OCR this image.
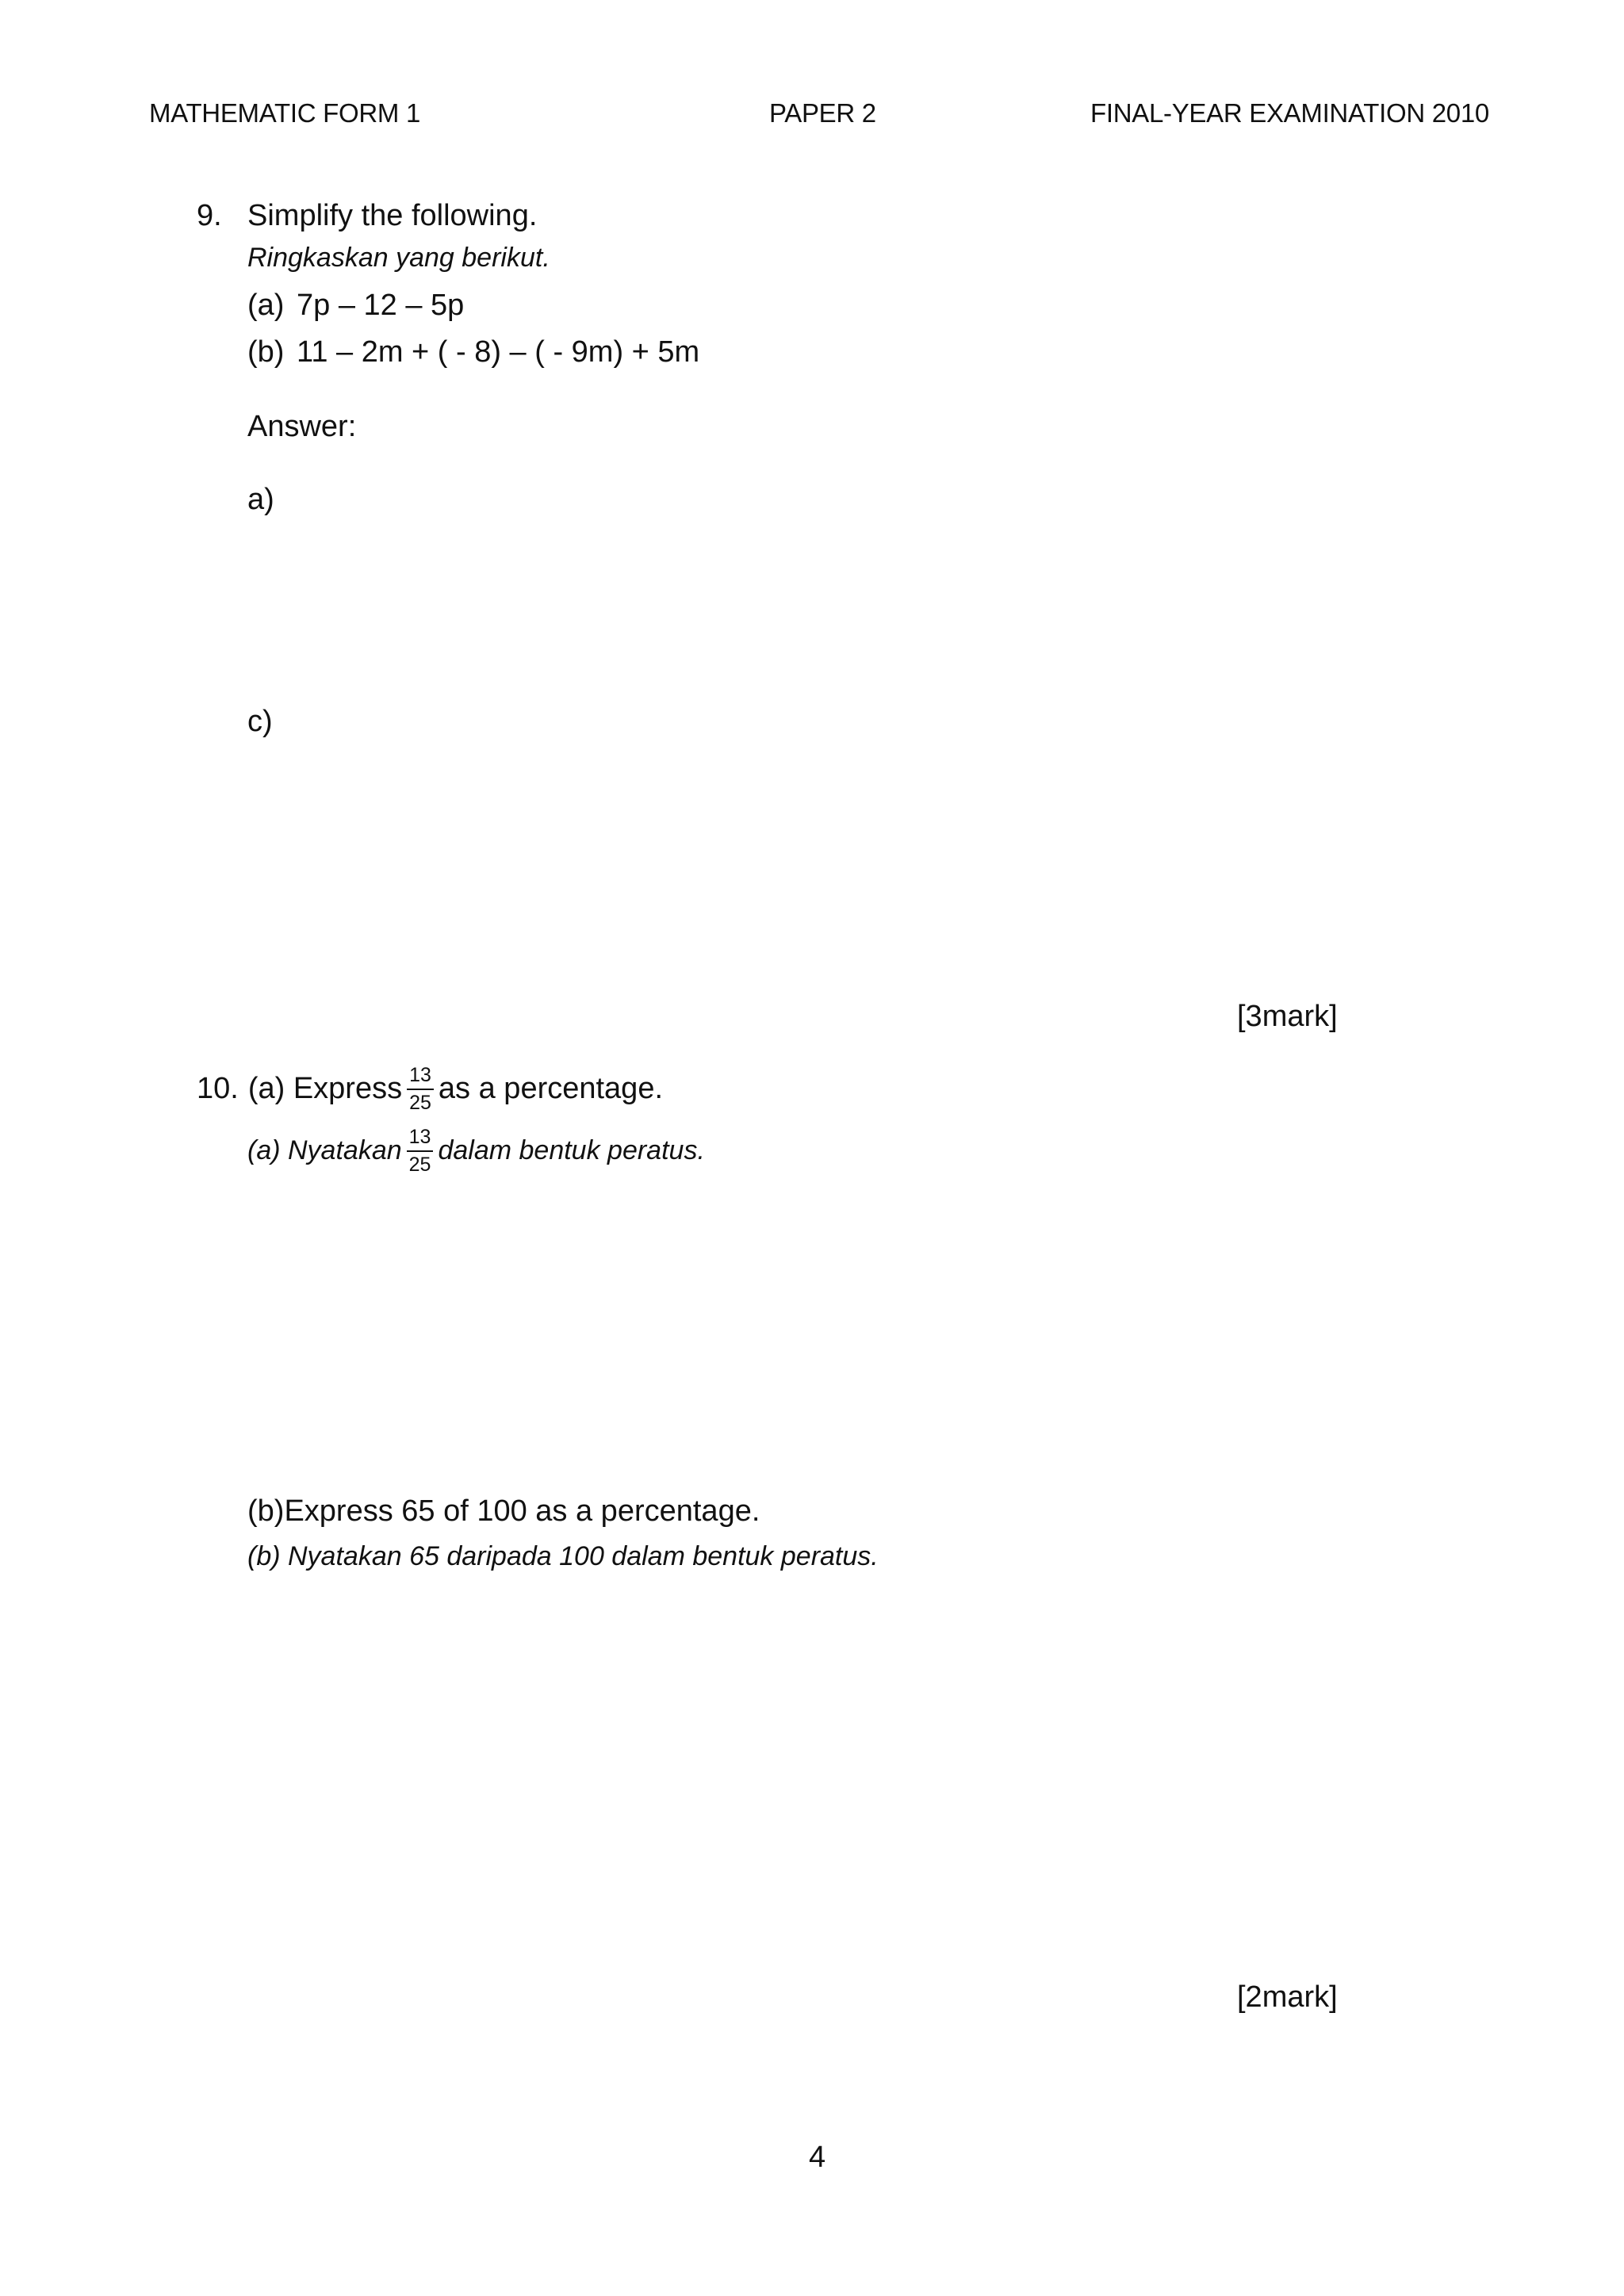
MATHEMATIC FORM 1	PAPER 2	FINAL-YEAR EXAMINATION 2010
9. Simplify the following.
Ringkaskan yang berikut.
(a) 7p – 12 – 5p
(b) 11 – 2m + ( - 8) – ( - 9m) + 5m
Answer:
a)
c)
[3mark]
10. (a) Express $\frac{13}{25}$ as a percentage.
(a) Nyatakan $\frac{13}{25}$ dalam bentuk peratus.
(b)Express 65 of 100 as a percentage.
(b) Nyatakan 65 daripada 100 dalam bentuk peratus.
[2mark]
4
